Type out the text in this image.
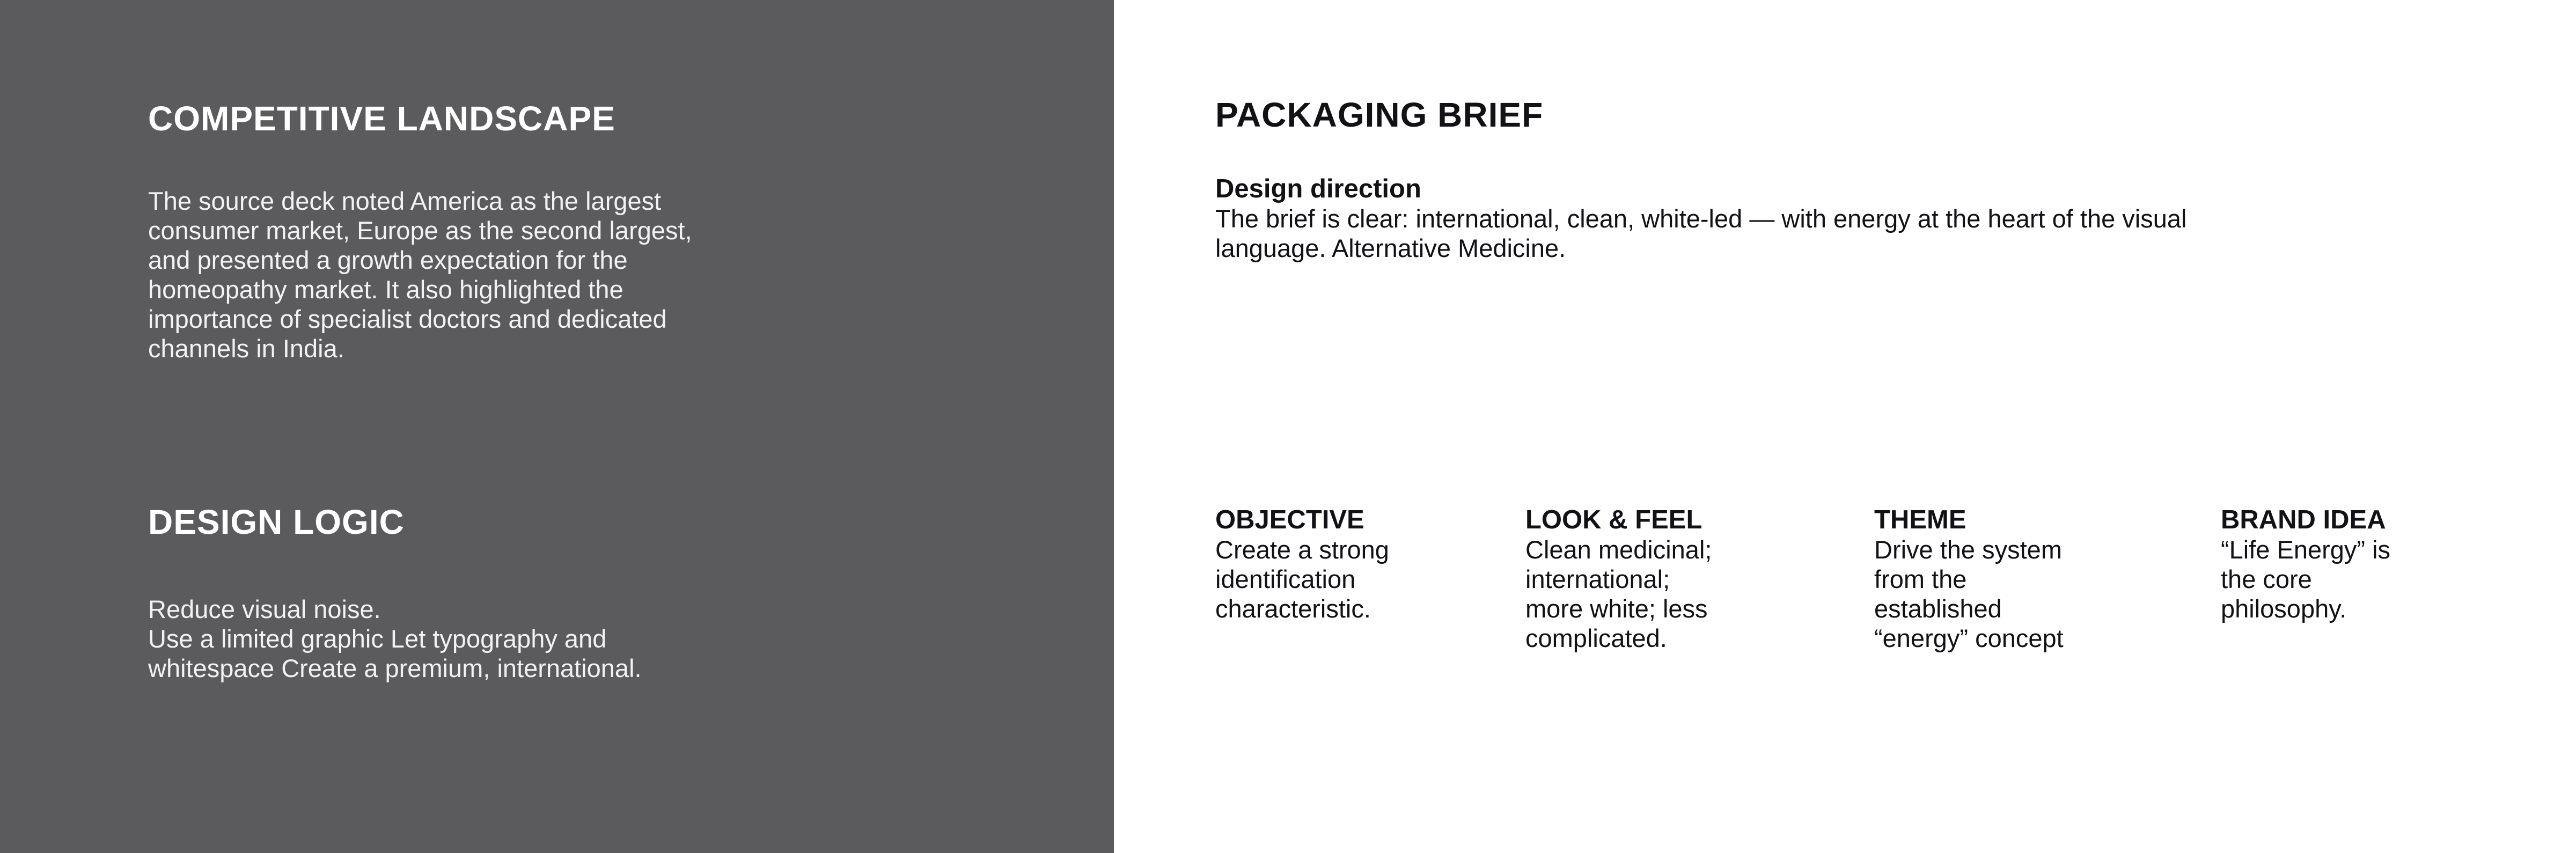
COMPETITIVE LANDSCAPE

The source deck noted America as the largest
consumer market, Europe as the second largest,
and presented a growth expectation for the
homeopathy market. It also highlighted the
importance of specialist doctors and dedicated
channels in India.

DESIGN LOGIC

Reduce visual noise.
Use a limited graphic Let typography and
whitespace Create a premium, international.

PACKAGING BRIEF
Design direction
The brief is clear: international, clean, white-led — with energy at the heart of the visual
language. Alternative Medicine.
OBJECTIVE
Create a strong
identification
characteristic.
LOOK & FEEL
Clean medicinal;
international;
more white; less
complicated.
THEME
Drive the system
from the
established
“energy” concept
BRAND IDEA
“Life Energy” is
the core
philosophy.
